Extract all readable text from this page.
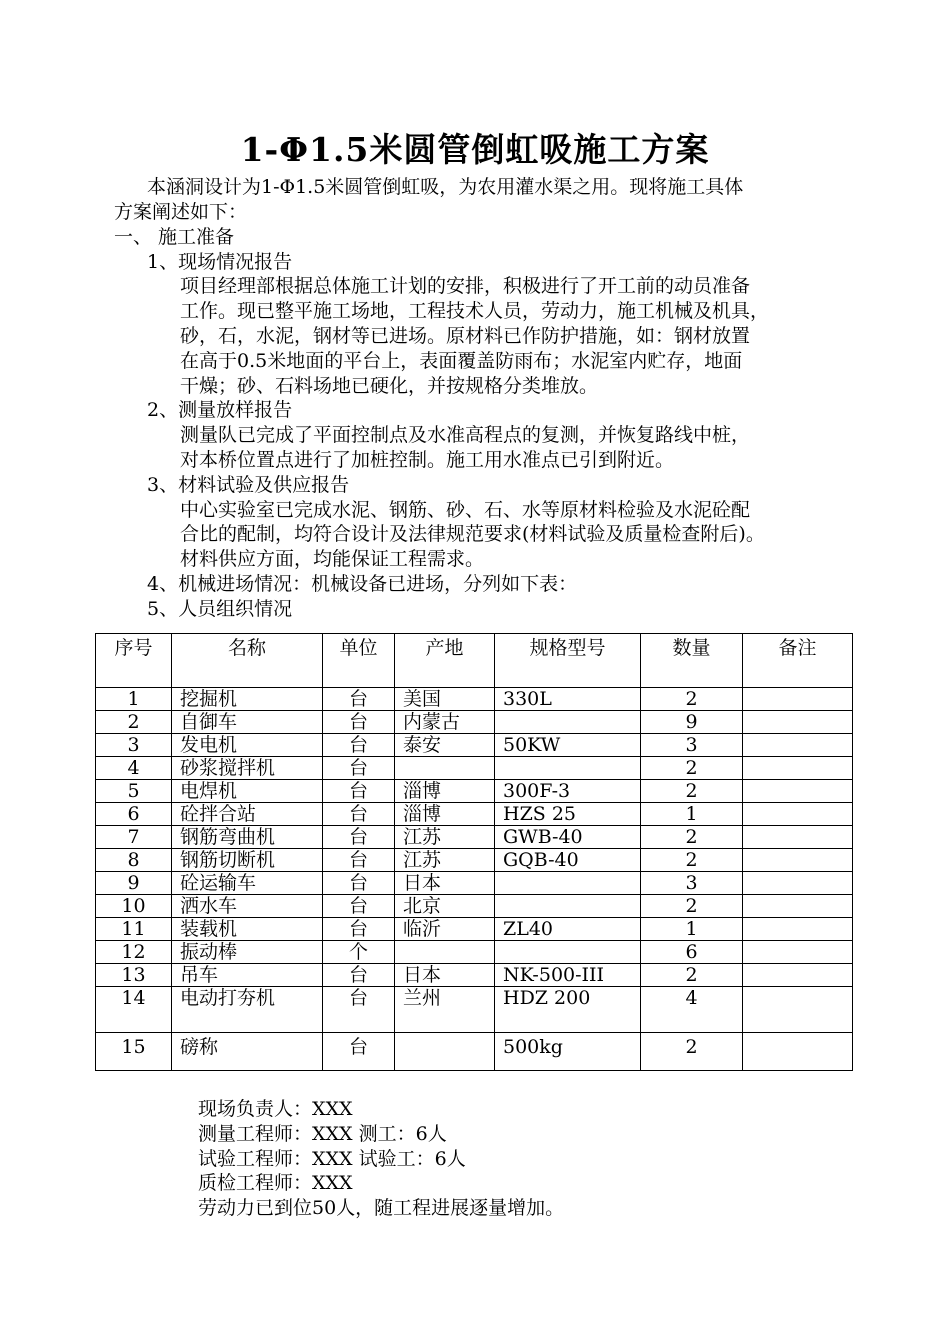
1-Φ1.5米圆管倒虹吸施工方案
本涵洞设计为1-Φ1.5米圆管倒虹吸，为农用灌水渠之用。现将施工具体
方案阐述如下：
一、 施工准备
1、现场情况报告
项目经理部根据总体施工计划的安排，积极进行了开工前的动员准备
工作。现已整平施工场地，工程技术人员，劳动力，施工机械及机具，
砂，石，水泥，钢材等已进场。原材料已作防护措施，如：钢材放置
在高于0.5米地面的平台上，表面覆盖防雨布；水泥室内贮存，地面
干燥；砂、石料场地已硬化，并按规格分类堆放。
2、测量放样报告
测量队已完成了平面控制点及水准高程点的复测，并恢复路线中桩，
对本桥位置点进行了加桩控制。施工用水准点已引到附近。
3、材料试验及供应报告
中心实验室已完成水泥、钢筋、砂、石、水等原材料检验及水泥砼配
合比的配制，均符合设计及法律规范要求(材料试验及质量检查附后)。
材料供应方面，均能保证工程需求。
4、机械进场情况：机械设备已进场，分列如下表：
5、人员组织情况
序号	名称	单位	产地	规格型号	数量	备注
1	挖掘机	台	美国	330L	2	
2	自御车	台	内蒙古		9	
3	发电机	台	泰安	50KW	3	
4	砂浆搅拌机	台			2	
5	电焊机	台	淄博	300F-3	2	
6	砼拌合站	台	淄博	HZS 25	1	
7	钢筋弯曲机	台	江苏	GWB-40	2	
8	钢筋切断机	台	江苏	GQB-40	2	
9	砼运输车	台	日本		3	
10	洒水车	台	北京		2	
11	装载机	台	临沂	ZL40	1	
12	振动棒	个			6	
13	吊车	台	日本	NK-500-III	2	
14	电动打夯机	台	兰州	HDZ 200	4	
15	磅称	台		500kg	2	
现场负责人：XXX
测量工程师：XXX 测工：6人
试验工程师：XXX 试验工：6人
质检工程师：XXX
劳动力已到位50人，随工程进展逐量增加。
